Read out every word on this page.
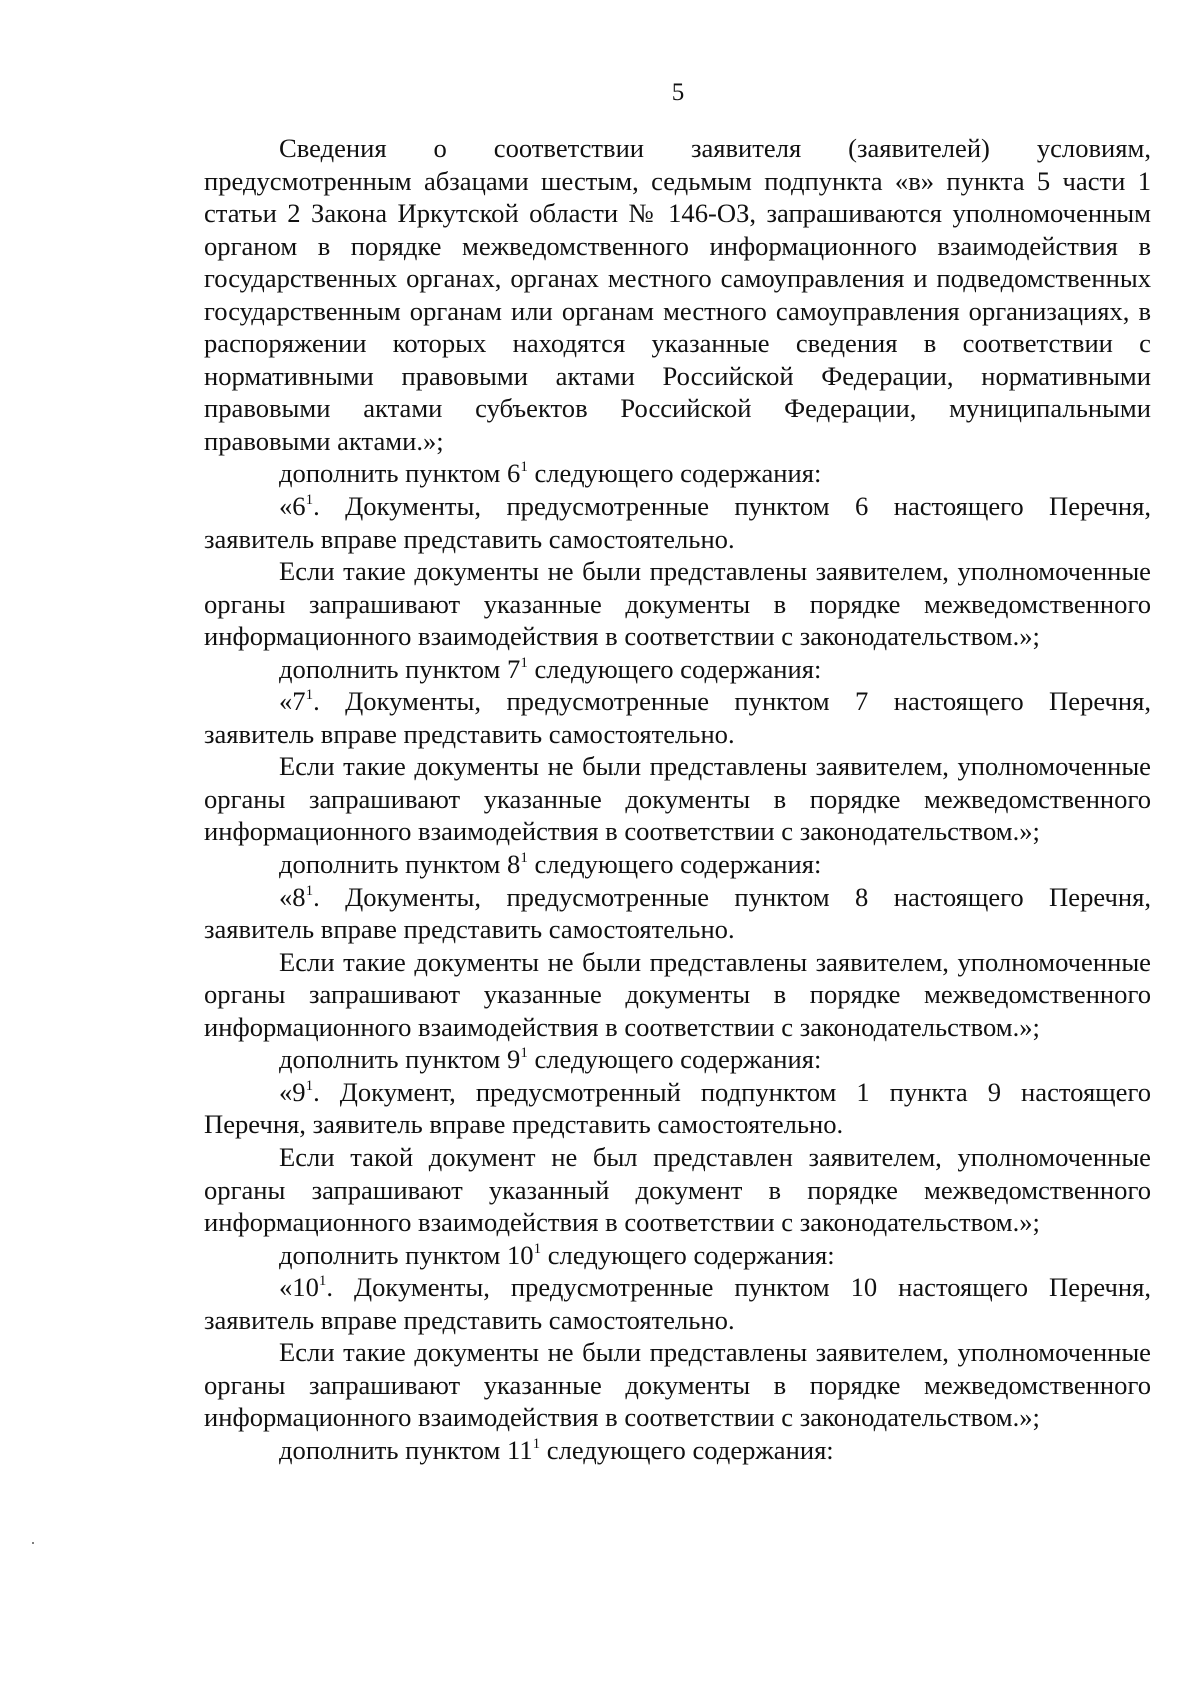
5

Сведения о соответствии заявителя (заявителей) условиям, предусмотренным абзацами шестым, седьмым подпункта «в» пункта 5 части 1 статьи 2 Закона Иркутской области № 146-ОЗ, запрашиваются уполномоченным органом в порядке межведомственного информационного взаимодействия в государственных органах, органах местного самоуправления и подведомственных государственным органам или органам местного самоуправления организациях, в распоряжении которых находятся указанные сведения в соответствии с нормативными правовыми актами Российской Федерации, нормативными правовыми актами субъектов Российской Федерации, муниципальными правовыми актами.»;

дополнить пунктом $6^1$ следующего содержания:

«$6^1$. Документы, предусмотренные пунктом 6 настоящего Перечня, заявитель вправе представить самостоятельно.

Если такие документы не были представлены заявителем, уполномоченные органы запрашивают указанные документы в порядке межведомственного информационного взаимодействия в соответствии с законодательством.»;

дополнить пунктом $7^1$ следующего содержания:

«$7^1$. Документы, предусмотренные пунктом 7 настоящего Перечня, заявитель вправе представить самостоятельно.

Если такие документы не были представлены заявителем, уполномоченные органы запрашивают указанные документы в порядке межведомственного информационного взаимодействия в соответствии с законодательством.»;

дополнить пунктом $8^1$ следующего содержания:

«$8^1$. Документы, предусмотренные пунктом 8 настоящего Перечня, заявитель вправе представить самостоятельно.

Если такие документы не были представлены заявителем, уполномоченные органы запрашивают указанные документы в порядке межведомственного информационного взаимодействия в соответствии с законодательством.»;

дополнить пунктом $9^1$ следующего содержания:

«$9^1$. Документ, предусмотренный подпунктом 1 пункта 9 настоящего Перечня, заявитель вправе представить самостоятельно.

Если такой документ не был представлен заявителем, уполномоченные органы запрашивают указанный документ в порядке межведомственного информационного взаимодействия в соответствии с законодательством.»;

дополнить пунктом $10^1$ следующего содержания:

«$10^1$. Документы, предусмотренные пунктом 10 настоящего Перечня, заявитель вправе представить самостоятельно.

Если такие документы не были представлены заявителем, уполномоченные органы запрашивают указанные документы в порядке межведомственного информационного взаимодействия в соответствии с законодательством.»;

дополнить пунктом $11^1$ следующего содержания:
